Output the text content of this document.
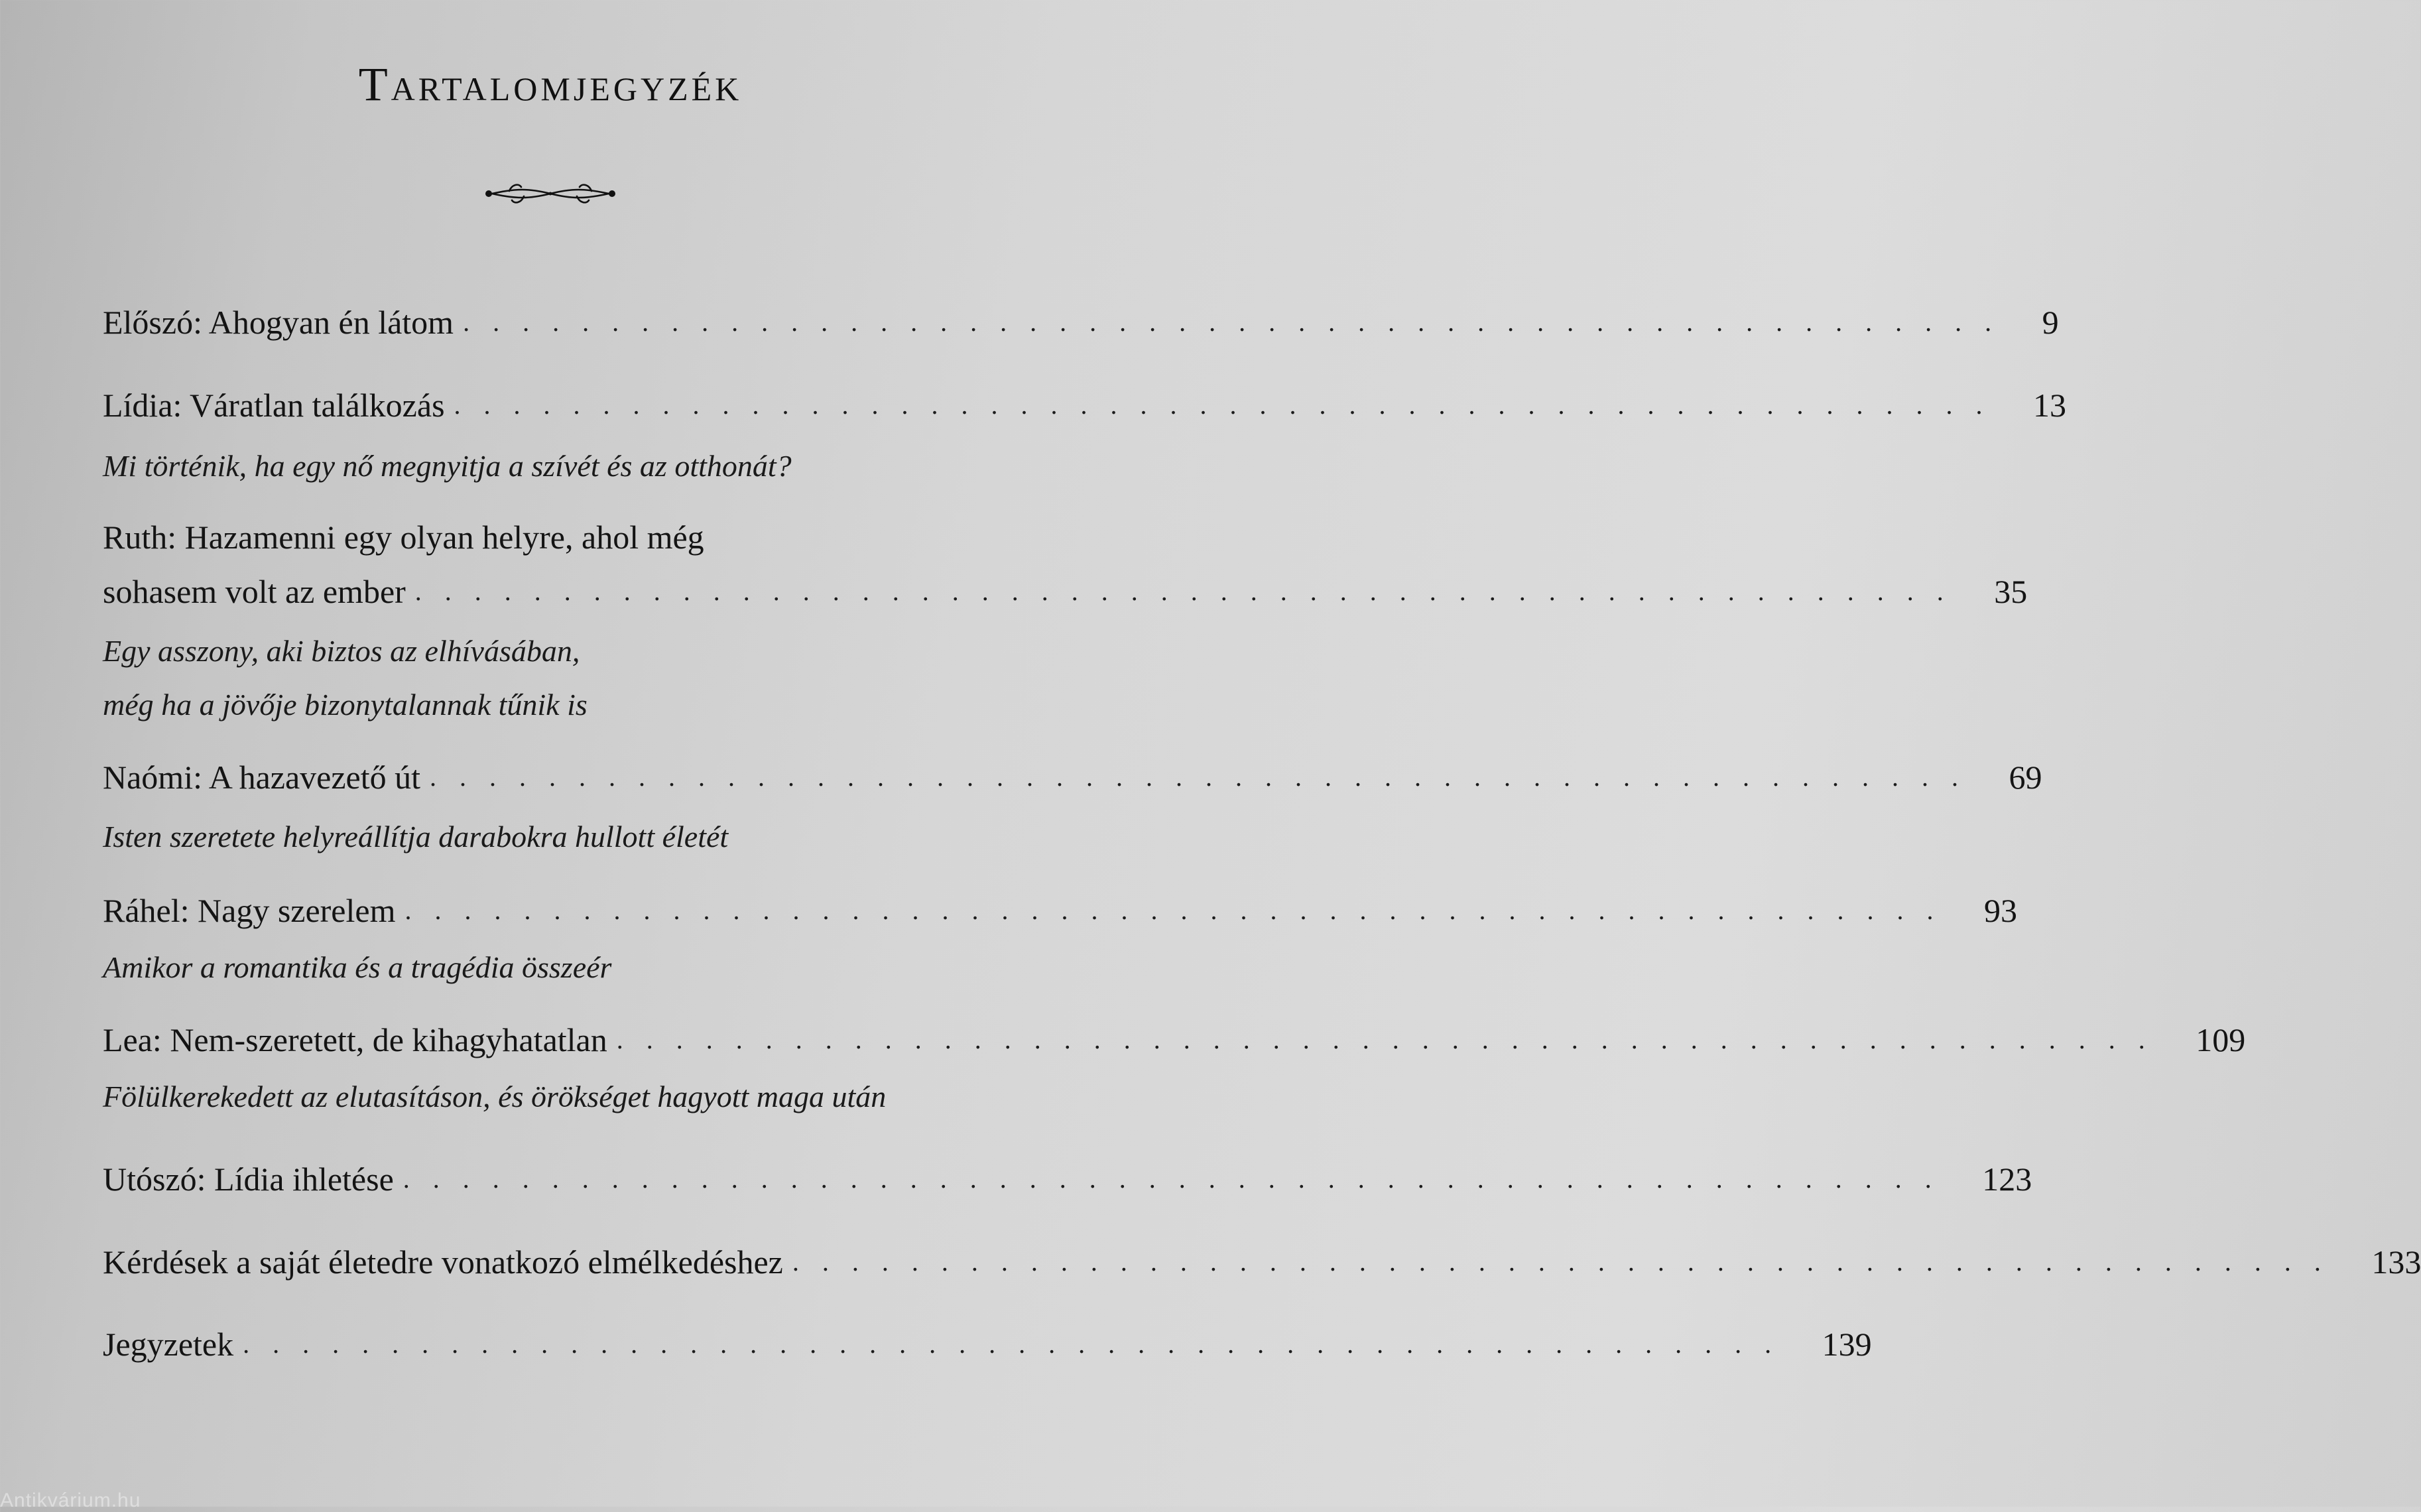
Tartalomjegyzék
Előszó: Ahogyan én látom . . . . . . . . . . . . . . . . . . . . . . . . . . . . . . . . . . . . . . . . . . . . . . . . . . . . 9
Lídia: Váratlan találkozás . . . . . . . . . . . . . . . . . . . . . . . . . . . . . . . . . . . . . . . . . . . . . . . . . . . . 13
Mi történik, ha egy nő megnyitja a szívét és az otthonát?
Ruth: Hazamenni egy olyan helyre, ahol még
sohasem volt az ember . . . . . . . . . . . . . . . . . . . . . . . . . . . . . . . . . . . . . . . . . . . . . . . . . . . . 35
Egy asszony, aki biztos az elhívásában,
még ha a jövője bizonytalannak tűnik is
Naómi: A hazavezető út . . . . . . . . . . . . . . . . . . . . . . . . . . . . . . . . . . . . . . . . . . . . . . . . . . . . 69
Isten szeretete helyreállítja darabokra hullott életét
Ráhel: Nagy szerelem . . . . . . . . . . . . . . . . . . . . . . . . . . . . . . . . . . . . . . . . . . . . . . . . . . . . 93
Amikor a romantika és a tragédia összeér
Lea: Nem-szeretett, de kihagyhatatlan . . . . . . . . . . . . . . . . . . . . . . . . . . . . . . . . . . . . . . . . . . . . . . . . . . . . 109
Fölülkerekedett az elutasításon, és örökséget hagyott maga után
Utószó: Lídia ihletése . . . . . . . . . . . . . . . . . . . . . . . . . . . . . . . . . . . . . . . . . . . . . . . . . . . . 123
Kérdések a saját életedre vonatkozó elmélkedéshez . . . . . . . . . . . . . . . . . . . . . . . . . . . . . . . . . . . . . . . . . . . . . . . . . . . . 133
Jegyzetek . . . . . . . . . . . . . . . . . . . . . . . . . . . . . . . . . . . . . . . . . . . . . . . . . . . . 139
Antikvárium.hu
